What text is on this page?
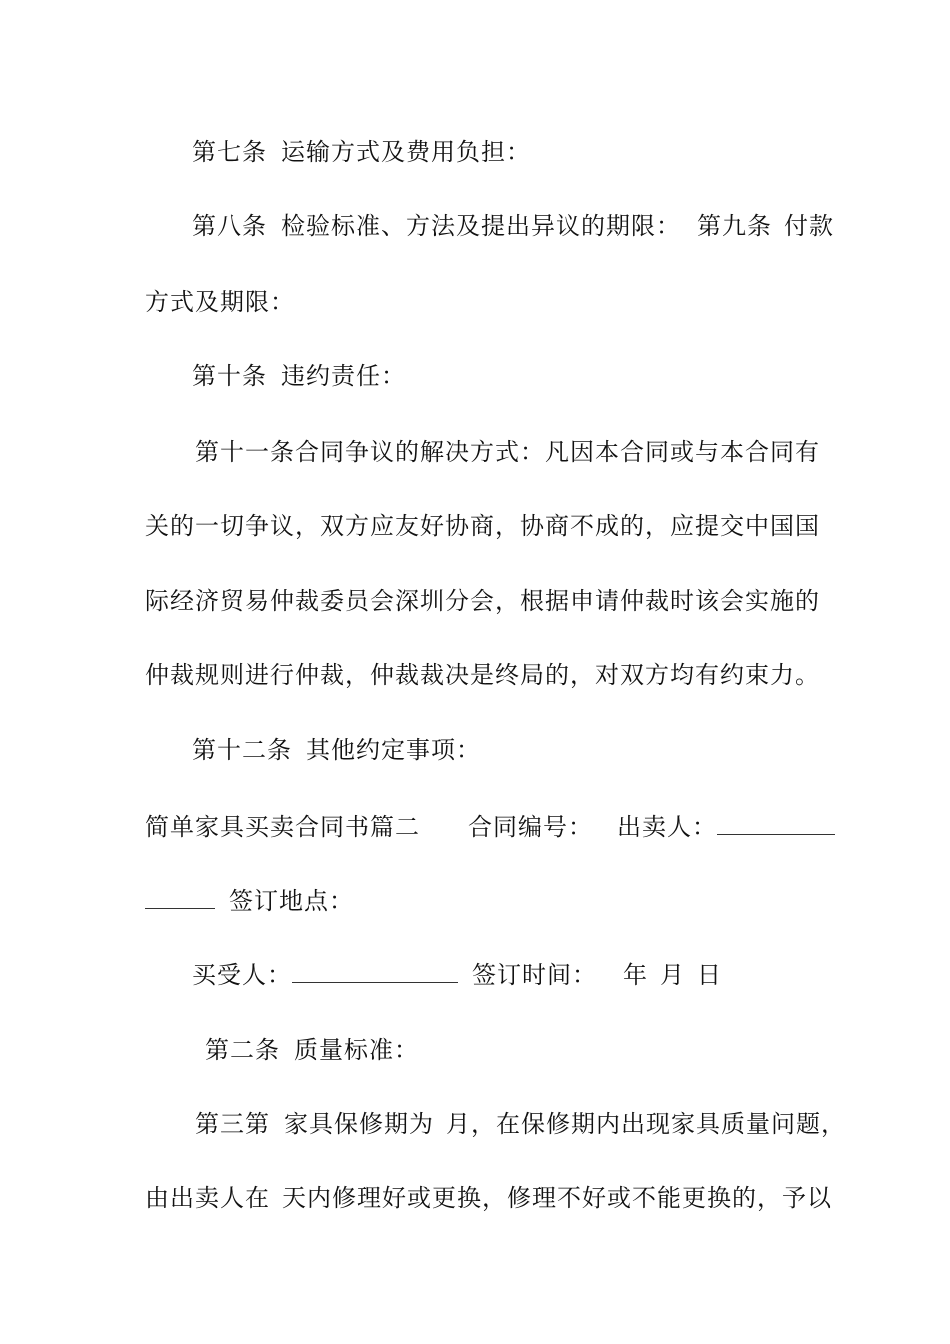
第七条 运输方式及费用负担：
第八条 检验标准、方法及提出异议的期限： 第九条 付款
方式及期限：
第十条 违约责任：
第十一条合同争议的解决方式：凡因本合同或与本合同有
关的一切争议，双方应友好协商，协商不成的，应提交中国国
际经济贸易仲裁委员会深圳分会，根据申请仲裁时该会实施的
仲裁规则进行仲裁，仲裁裁决是终局的，对双方均有约束力。
第十二条 其他约定事项：
简单家具买卖合同书篇二 合同编号： 出卖人：
签订地点：
买受人：	签订时间： 年 月 日
第二条 质量标准：
第三第 家具保修期为 月，在保修期内出现家具质量问题，
由出卖人在 天内修理好或更换，修理不好或不能更换的，予以
